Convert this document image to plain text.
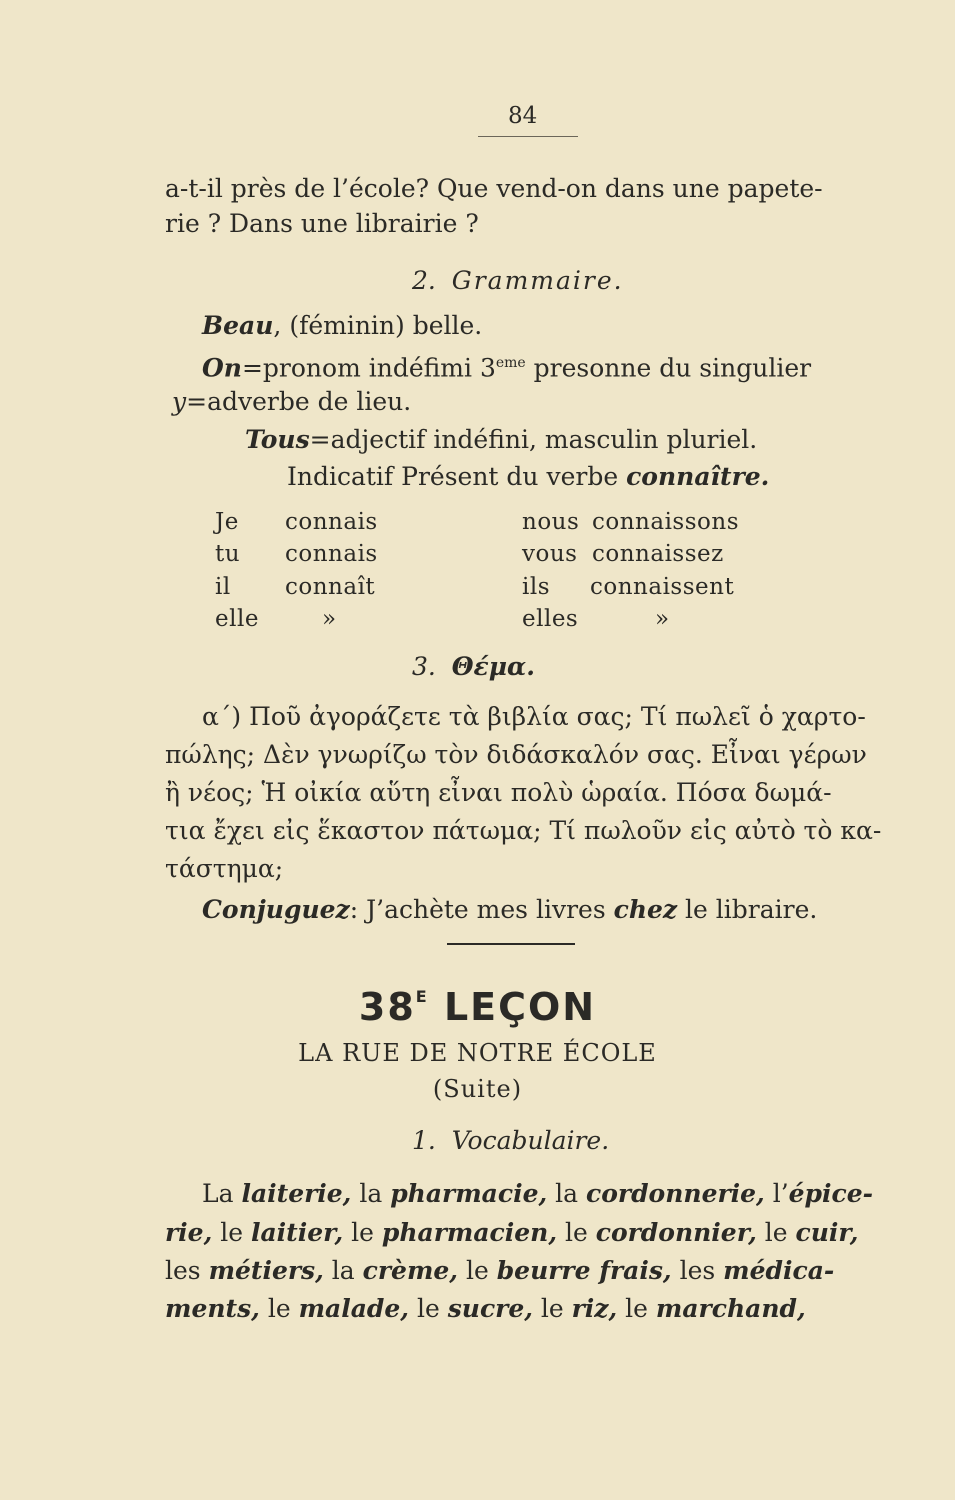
84
a-t-il près de l’école? Que vend-on dans une papete-
rie ? Dans une librairie ?
2. Grammaire.
Beau, (féminin) belle.
On=pronom indéfimi 3eme presonne du singulier
y=adverbe de lieu.
Tous=adjectif indéfini, masculin pluriel.
Indicatif Présent du verbe connaître.
Je connais	nous connaissons
tu connais	vous connaissez
il connaît	ils connaissent
elle	»	elles	»
3. Θέμα.
α΄) Ποῦ ἀγοράζετε τὰ βιβλία σας; Τί πωλεῖ ὁ χαρτο-
πώλης; Δὲν γνωρίζω τὸν διδάσκαλόν σας. Εἶναι γέρων
ἢ νέος; Ἡ οἰκία αὕτη εἶναι πολὺ ὡραία. Πόσα δωμά-
τια ἔχει εἰς ἕκαστον πάτωμα; Τί πωλοῦν εἰς αὐτὸ τὸ κα-
τάστημα;
Conjuguez: J’achète mes livres chez le libraire.
$38^E$ LEÇON
LA RUE DE NOTRE ÉCOLE
(Suite)
1. Vocabulaire.
La laiterie, la pharmacie, la cordonnerie, l’épice-
rie, le laitier, le pharmacien, le cordonnier, le cuir,
les métiers, la crème, le beurre frais, les médica-
ments, le malade, le sucre, le riz, le marchand,
